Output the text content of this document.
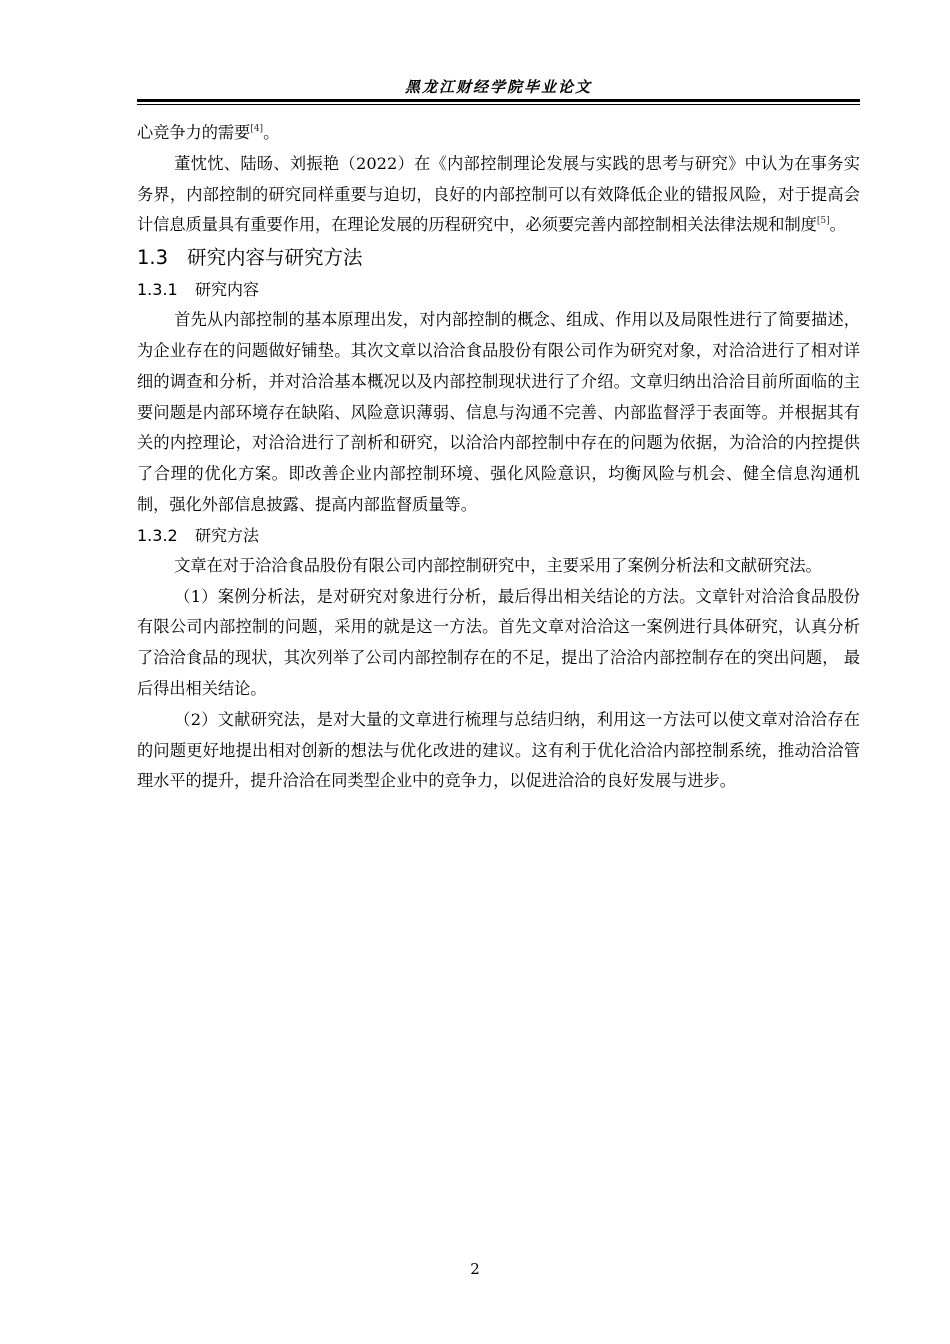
黑龙江财经学院毕业论文

心竞争力的需要[4]。

董忱忱、陆旸、刘振艳（2022）在《内部控制理论发展与实践的思考与研究》中认为在事务实务界，内部控制的研究同样重要与迫切，良好的内部控制可以有效降低企业的错报风险，对于提高会计信息质量具有重要作用，在理论发展的历程研究中，必须要完善内部控制相关法律法规和制度[5]。

1.3 研究内容与研究方法
1.3.1 研究内容

首先从内部控制的基本原理出发，对内部控制的概念、组成、作用以及局限性进行了简要描述，为企业存在的问题做好铺垫。其次文章以洽洽食品股份有限公司作为研究对象，对洽洽进行了相对详细的调查和分析，并对洽洽基本概况以及内部控制现状进行了介绍。文章归纳出洽洽目前所面临的主要问题是内部环境存在缺陷、风险意识薄弱、信息与沟通不完善、内部监督浮于表面等。并根据其有关的内控理论，对洽洽进行了剖析和研究，以洽洽内部控制中存在的问题为依据，为洽洽的内控提供了合理的优化方案。即改善企业内部控制环境、强化风险意识，均衡风险与机会、健全信息沟通机制，强化外部信息披露、提高内部监督质量等。

1.3.2 研究方法

文章在对于洽洽食品股份有限公司内部控制研究中，主要采用了案例分析法和文献研究法。

（1）案例分析法，是对研究对象进行分析，最后得出相关结论的方法。文章针对洽洽食品股份有限公司内部控制的问题，采用的就是这一方法。首先文章对洽洽这一案例进行具体研究，认真分析了洽洽食品的现状，其次列举了公司内部控制存在的不足，提出了洽洽内部控制存在的突出问题， 最后得出相关结论。

（2）文献研究法，是对大量的文章进行梳理与总结归纳，利用这一方法可以使文章对洽洽存在的问题更好地提出相对创新的想法与优化改进的建议。这有利于优化洽洽内部控制系统，推动洽洽管理水平的提升，提升洽洽在同类型企业中的竞争力，以促进洽洽的良好发展与进步。

2
